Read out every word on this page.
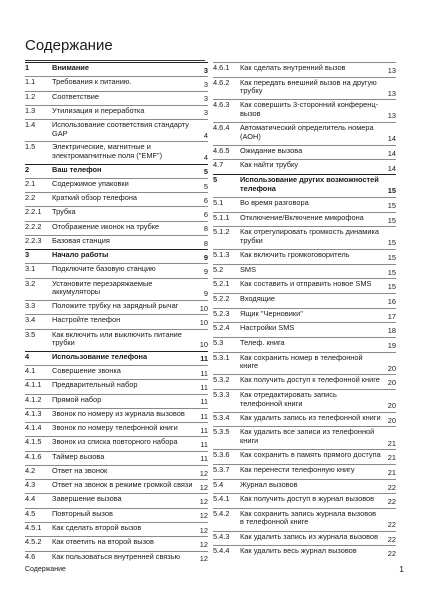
Содержание
1	Внимание	3
1.1	Требования к питанию.	3
1.2	Соответствие	3
1.3	Утилизация и переработка	3
1.4	Использование соответствия стандарту GAP	4
1.5	Электрические, магнитные и электромагнитные поля ("EMF")	4
2	Ваш телефон	5
2.1	Содержимое упаковки	5
2.2	Краткий обзор телефона	6
2.2.1	Трубка	6
2.2.2	Отображение иконок на трубке	8
2.2.3	Базовая станция	8
3	Начало работы	9
3.1	Подключите базовую станцию	9
3.2	Установите перезаряжаемые аккумуляторы	9
3.3	Положите трубку на зарядный рычаг	10
3.4	Настройте телефон	10
3.5	Как включить или выключить питание трубки	10
4	Использование телефона	11
4.1	Совершение звонка	11
4.1.1	Предварительный набор	11
4.1.2	Прямой набор	11
4.1.3	Звонок по номеру из журнала вызовов	11
4.1.4	Звонок по номеру телефонной книги	11
4.1.5	Звонок из списка повторного набора	11
4.1.6	Таймер вызова	11
4.2	Ответ на звонок	12
4.3	Ответ на звонок в режиме громкой связи 12
4.4	Завершение вызова	12
4.5	Повторный вызов	12
4.5.1	Как сделать второй вызов	12
4.5.2	Как ответить на второй вызов	12
4.6	Как пользоваться внутренней связью	12
4.6.1	Как сделать внутренний вызов	13
4.6.2	Как передать внешний вызов на другую трубку	13
4.6.3	Как совершить 3-сторонний конференц-вызов	13
4.6.4	Автоматический определитель номера (АОН)	14
4.6.5	Ожидание вызова	14
4.7	Как найти трубку	14
5	Использование других возможностей телефона	15
5.1	Во время разговора	15
5.1.1	Отключение/Включение микрофона	15
5.1.2	Как отрегулировать громкость динамика трубки	15
5.1.3	Как включить громкоговоритель	15
5.2	SMS	15
5.2.1	Как составить и отправить новое SMS	15
5.2.2	Входящие	16
5.2.3	Ящик "Черновики"	17
5.2.4	Настройки SMS	18
5.3	Телеф. книга	19
5.3.1	Как сохранить номер в телефонной книге	20
5.3.2	Как получить доступ к телефонной книге	20
5.3.3	Как отредактировать запись телефонной книги	20
5.3.4	Как удалить запись из телефонной книги 20
5.3.5	Как удалить все записи из телефонной книги	21
5.3.6	Как сохранить в память прямого доступа 21
5.3.7	Как перенести телефонную книгу	21
5.4	Журнал вызовов	22
5.4.1	Как получить доступ в журнал вызовов	22
5.4.2	Как сохранить запись журнала вызовов в телефонной книге	22
5.4.3	Как удалить запись из журнала вызовов	22
5.4.4	Как удалить весь журнал вызовов	22
Содержание	1
